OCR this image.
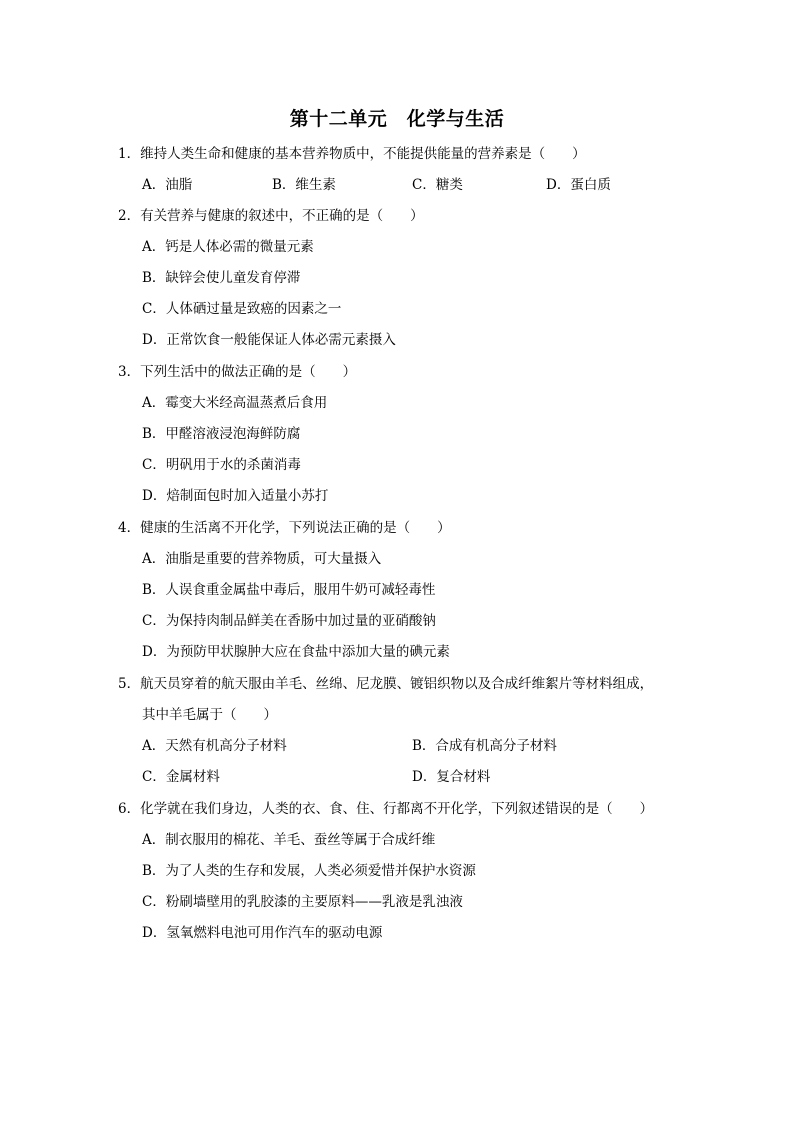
第十二单元　化学与生活
1．维持人类生命和健康的基本营养物质中，不能提供能量的营养素是（　　）
A．油脂	B．维生素	C．糖类	D．蛋白质
2．有关营养与健康的叙述中，不正确的是（　　）
A．钙是人体必需的微量元素
B．缺锌会使儿童发育停滞
C．人体硒过量是致癌的因素之一
D．正常饮食一般能保证人体必需元素摄入
3．下列生活中的做法正确的是（　　）
A．霉变大米经高温蒸煮后食用
B．甲醛溶液浸泡海鲜防腐
C．明矾用于水的杀菌消毒
D．焙制面包时加入适量小苏打
4．健康的生活离不开化学，下列说法正确的是（　　）
A．油脂是重要的营养物质，可大量摄入
B．人误食重金属盐中毒后，服用牛奶可减轻毒性
C．为保持肉制品鲜美在香肠中加过量的亚硝酸钠
D．为预防甲状腺肿大应在食盐中添加大量的碘元素
5．航天员穿着的航天服由羊毛、丝绵、尼龙膜、镀铝织物以及合成纤维絮片等材料组成，
其中羊毛属于（　　）
A．天然有机高分子材料	B．合成有机高分子材料
C．金属材料	D．复合材料
6．化学就在我们身边，人类的衣、食、住、行都离不开化学，下列叙述错误的是（　　）
A．制衣服用的棉花、羊毛、蚕丝等属于合成纤维
B．为了人类的生存和发展，人类必须爱惜并保护水资源
C．粉刷墙壁用的乳胶漆的主要原料——乳液是乳浊液
D．氢氧燃料电池可用作汽车的驱动电源
